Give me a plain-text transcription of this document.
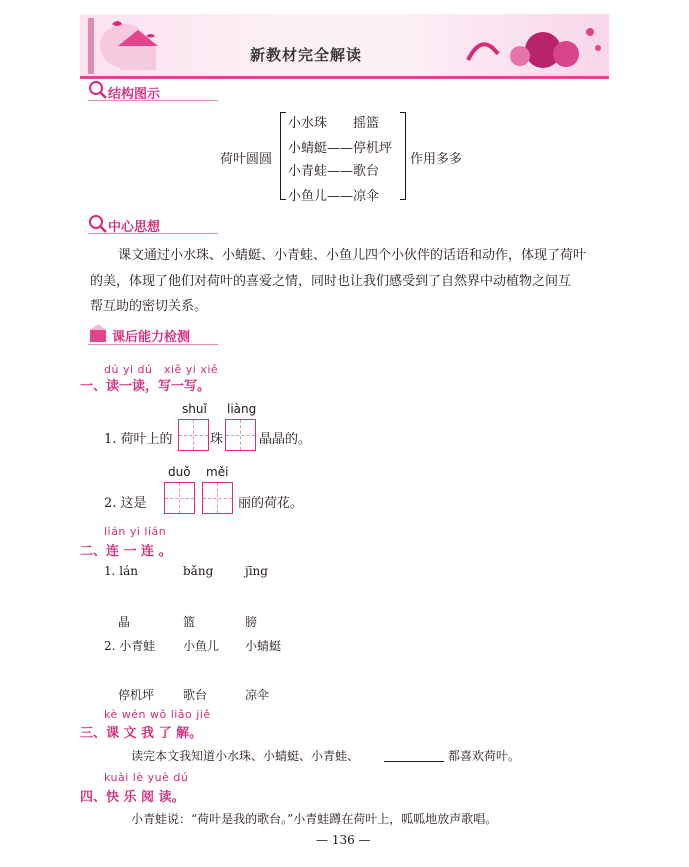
新教材完全解读
结构图示
荷叶圆圆
小水珠　　摇篮
小蜻蜓——停机坪
小青蛙——歌台
小鱼儿——凉伞
作用多多
中心思想
课文通过小水珠、小蜻蜓、小青蛙、小鱼儿四个小伙伴的话语和动作，体现了荷叶
的美，体现了他们对荷叶的喜爱之情，同时也让我们感受到了自然界中动植物之间互
帮互助的密切关系。
课后能力检测
dú yi dú　xiě yi xiě
一、读一读，写一写。
shuǐ liàng
1. 荷叶上的	珠	晶晶的。
duǒ měi
2. 这是	丽的荷花。
lián yi lián
二、连 一 连 。
1. lán	bǎng	jīng
晶	篮	膀
2. 小青蛙 小鱼儿 小蜻蜓
停机坪 歌台	凉伞
kè wén wǒ liǎo jiě
三、课 文 我 了 解。
读完本文我知道小水珠、小蜻蜓、小青蛙、	都喜欢荷叶。
kuài lè yuè dú
四、快 乐 阅 读。
小青蛙说：“荷叶是我的歌台。”小青蛙蹲在荷叶上，呱呱地放声歌唱。
— 136 —
